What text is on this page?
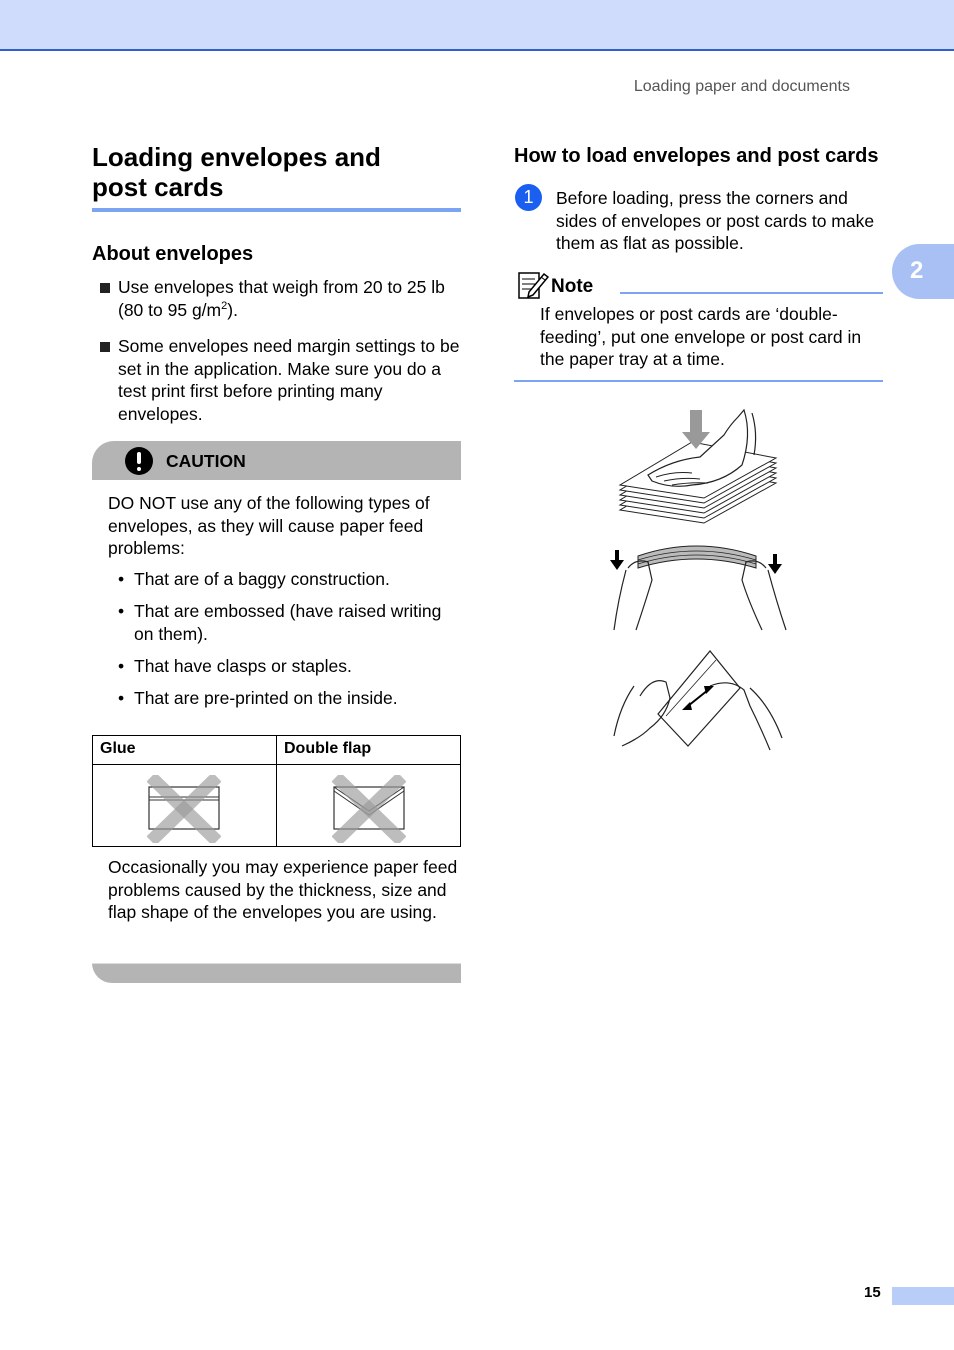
Loading paper and documents
2
Loading envelopes and
post cards
About envelopes
Use envelopes that weigh from 20 to 25 lb (80 to 95 $g/m^2$).
Some envelopes need margin settings to be set in the application. Make sure you do a test print first before printing many envelopes.
CAUTION
DO NOT use any of the following types of envelopes, as they will cause paper feed problems:
• That are of a baggy construction.
• That are embossed (have raised writing on them).
• That have clasps or staples.
• That are pre-printed on the inside.
Glue	Double flap
Occasionally you may experience paper feed problems caused by the thickness, size and flap shape of the envelopes you are using.
How to load envelopes and post cards
1	Before loading, press the corners and sides of envelopes or post cards to make them as flat as possible.
Note
If envelopes or post cards are ‘double-feeding’, put one envelope or post card in the paper tray at a time.
15
